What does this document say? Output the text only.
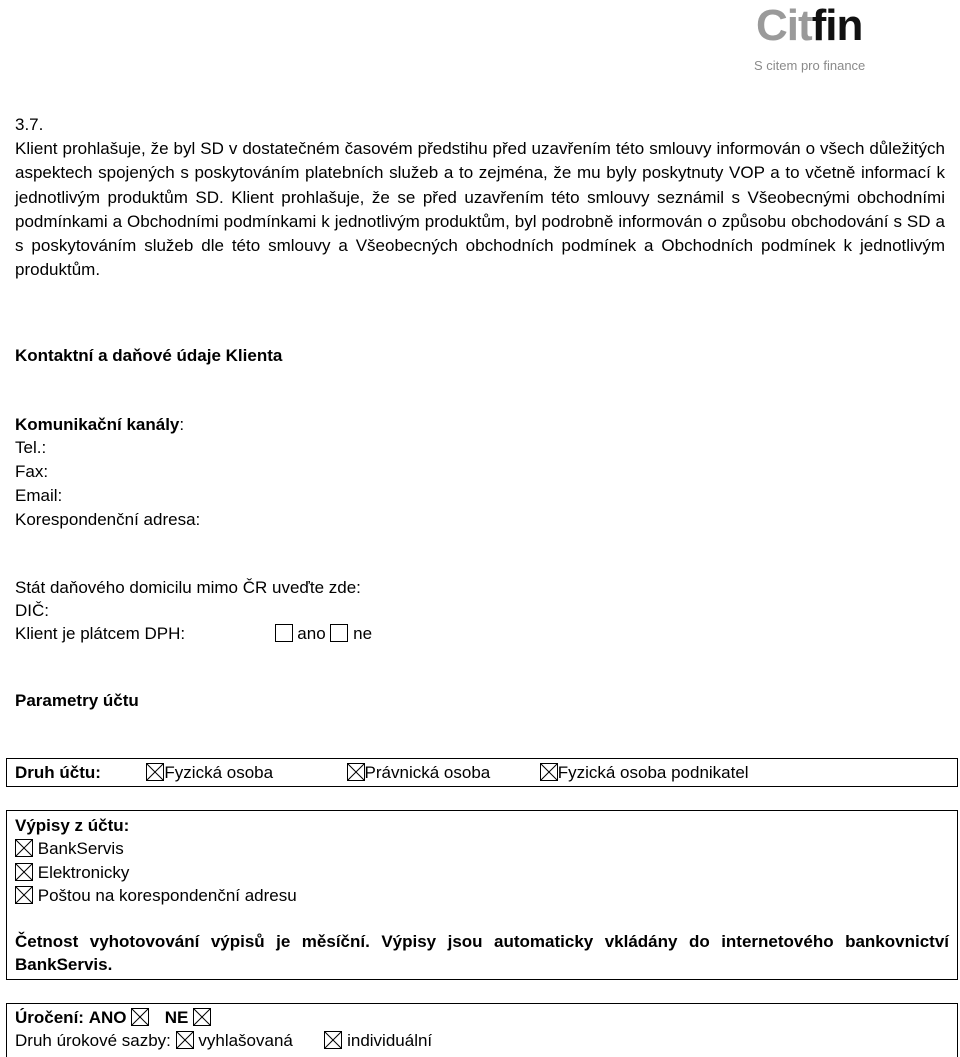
Citfin
S citem pro finance
3.7.

Klient prohlašuje, že byl SD v dostatečném časovém předstihu před uzavřením této smlouvy informován o všech důležitých aspektech spojených s poskytováním platebních služeb a to zejména, že mu byly poskytnuty VOP a to včetně informací k jednotlivým produktům SD. Klient prohlašuje, že se před uzavřením této smlouvy seznámil s Všeobecnými obchodními podmínkami a Obchodními podmínkami k jednotlivým produktům, byl podrobně informován o způsobu obchodování s SD a s poskytováním služeb dle této smlouvy a Všeobecných obchodních podmínek a Obchodních podmínek k jednotlivým produktům.

Kontaktní a daňové údaje Klienta
Komunikační kanály:
Tel.:
Fax:
Email:
Korespondenční adresa:
Stát daňového domicilu mimo ČR uveďte zde:
DIČ:
Klient je plátcem DPH:	ano ne
Parametry účtu
Druh účtu:	Fyzická osoba	Právnická osoba	Fyzická osoba podnikatel
Výpisy z účtu:
BankServis
Elektronicky
Poštou na korespondenční adresu
Četnost vyhotovování výpisů je měsíční. Výpisy jsou automaticky vkládány do internetového bankovnictví BankServis.
Úročení: ANO NE
Druh úrokové sazby: vyhlašovaná	individuální
